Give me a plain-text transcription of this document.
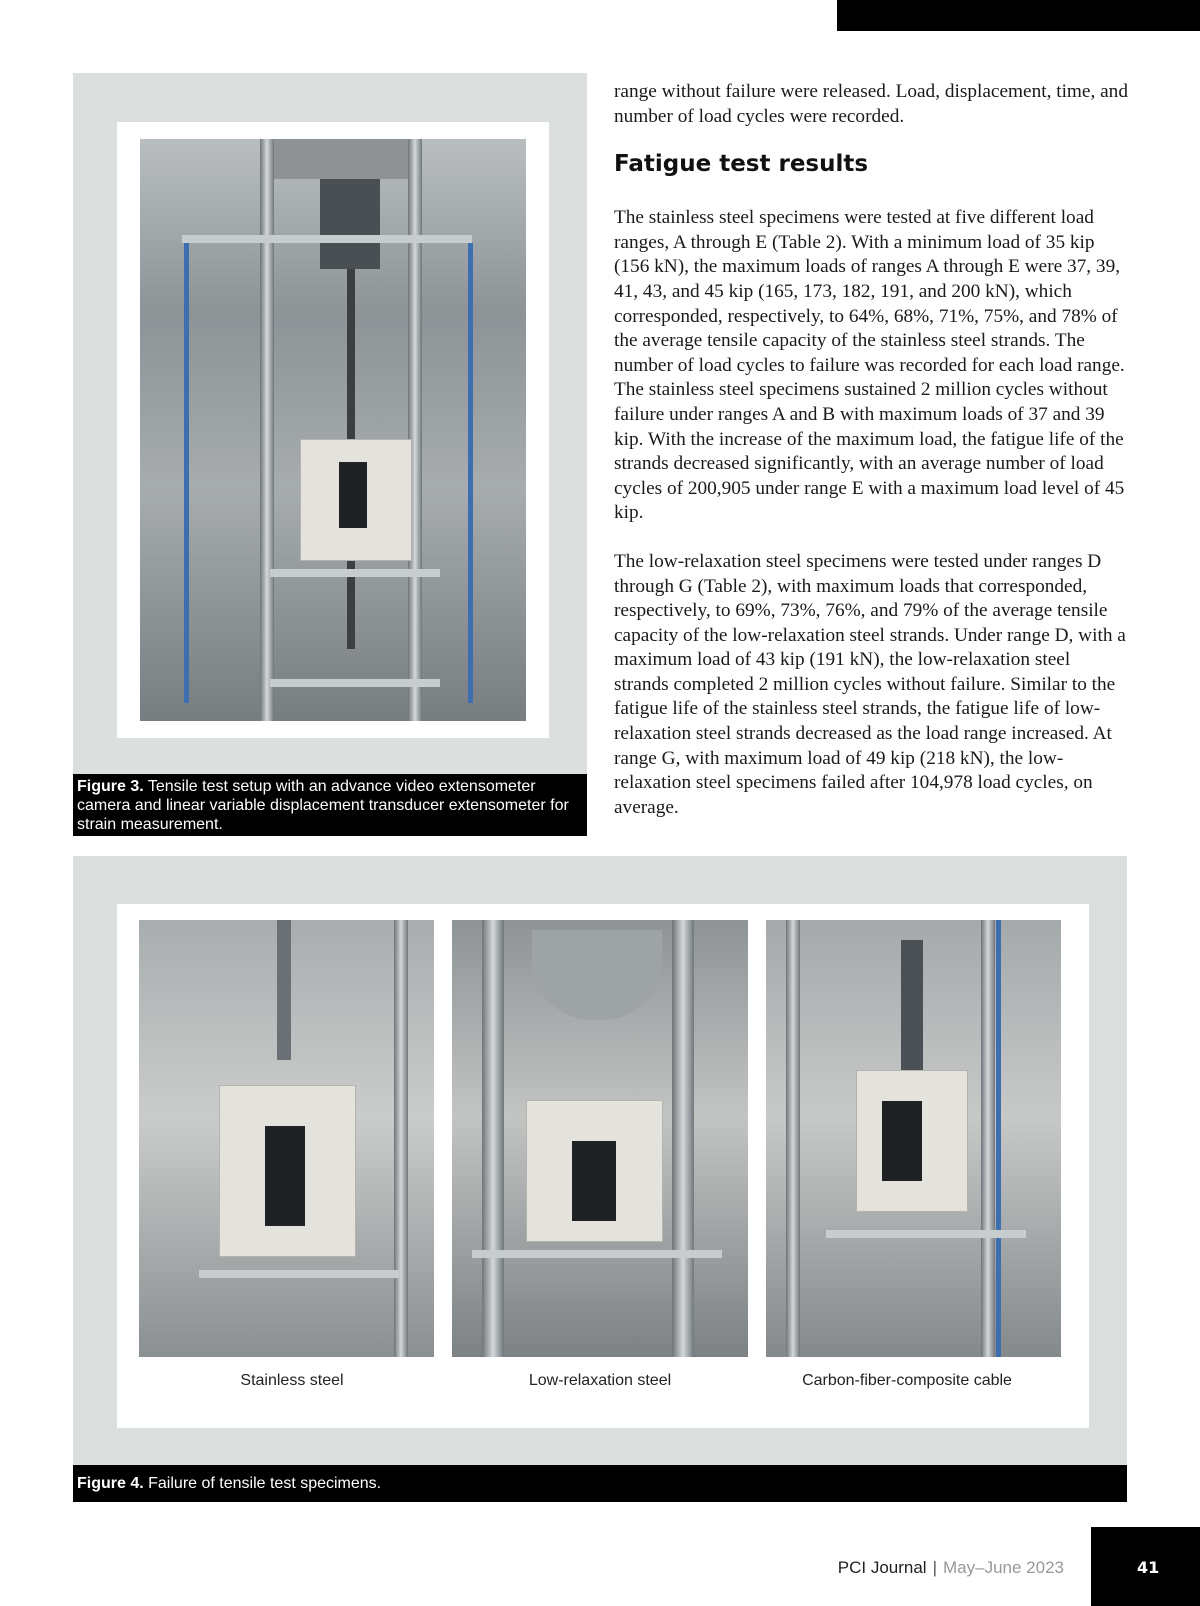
Figure 3. Tensile test setup with an advance video extensometer camera and linear variable displacement transducer extensometer for strain measurement.

range without failure were released. Load, displacement, time, and number of load cycles were recorded.

Fatigue test results

The stainless steel specimens were tested at five different load ranges, A through E (Table 2). With a minimum load of 35 kip (156 kN), the maximum loads of ranges A through E were 37, 39, 41, 43, and 45 kip (165, 173, 182, 191, and 200 kN), which corresponded, respectively, to 64%, 68%, 71%, 75%, and 78% of the average tensile capacity of the stainless steel strands. The number of load cycles to failure was recorded for each load range. The stainless steel specimens sustained 2 million cycles without failure under ranges A and B with maximum loads of 37 and 39 kip. With the increase of the maximum load, the fatigue life of the strands decreased significantly, with an average number of load cycles of 200,905 under range E with a maximum load level of 45 kip.

The low-relaxation steel specimens were tested under ranges D through G (Table 2), with maximum loads that corresponded, respectively, to 69%, 73%, 76%, and 79% of the average tensile capacity of the low-relaxation steel strands. Under range D, with a maximum load of 43 kip (191 kN), the low-relaxation steel strands completed 2 million cycles without failure. Similar to the fatigue life of the stainless steel strands, the fatigue life of low-relaxation steel strands decreased as the load range increased. At range G, with maximum load of 49 kip (218 kN), the low-relaxation steel specimens failed after 104,978 load cycles, on average.

Stainless steel	Low-relaxation steel	Carbon-fiber-composite cable
Figure 4. Failure of tensile test specimens.
PCI Journal | May–June 2023	41
